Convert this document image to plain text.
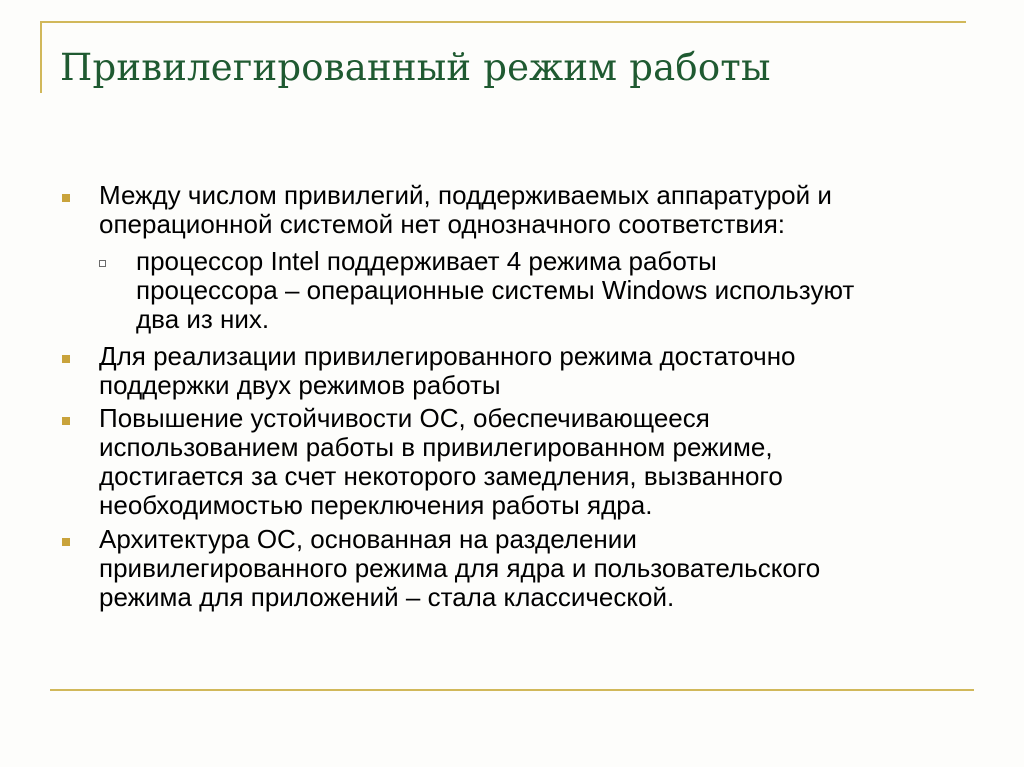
Привилегированный режим работы

Между числом привилегий, поддерживаемых аппаратурой и
операционной системой нет однозначного соответствия:

процессор Intel поддерживает 4 режима работы
процессора – операционные системы Windows используют
два из них.

Для реализации привилегированного режима достаточно
поддержки двух режимов работы

Повышение устойчивости ОС, обеспечивающееся
использованием работы в привилегированном режиме,
достигается за счет некоторого замедления, вызванного
необходимостью переключения работы ядра.

Архитектура ОС, основанная на разделении
привилегированного режима для ядра и пользовательского
режима для приложений – стала классической.
